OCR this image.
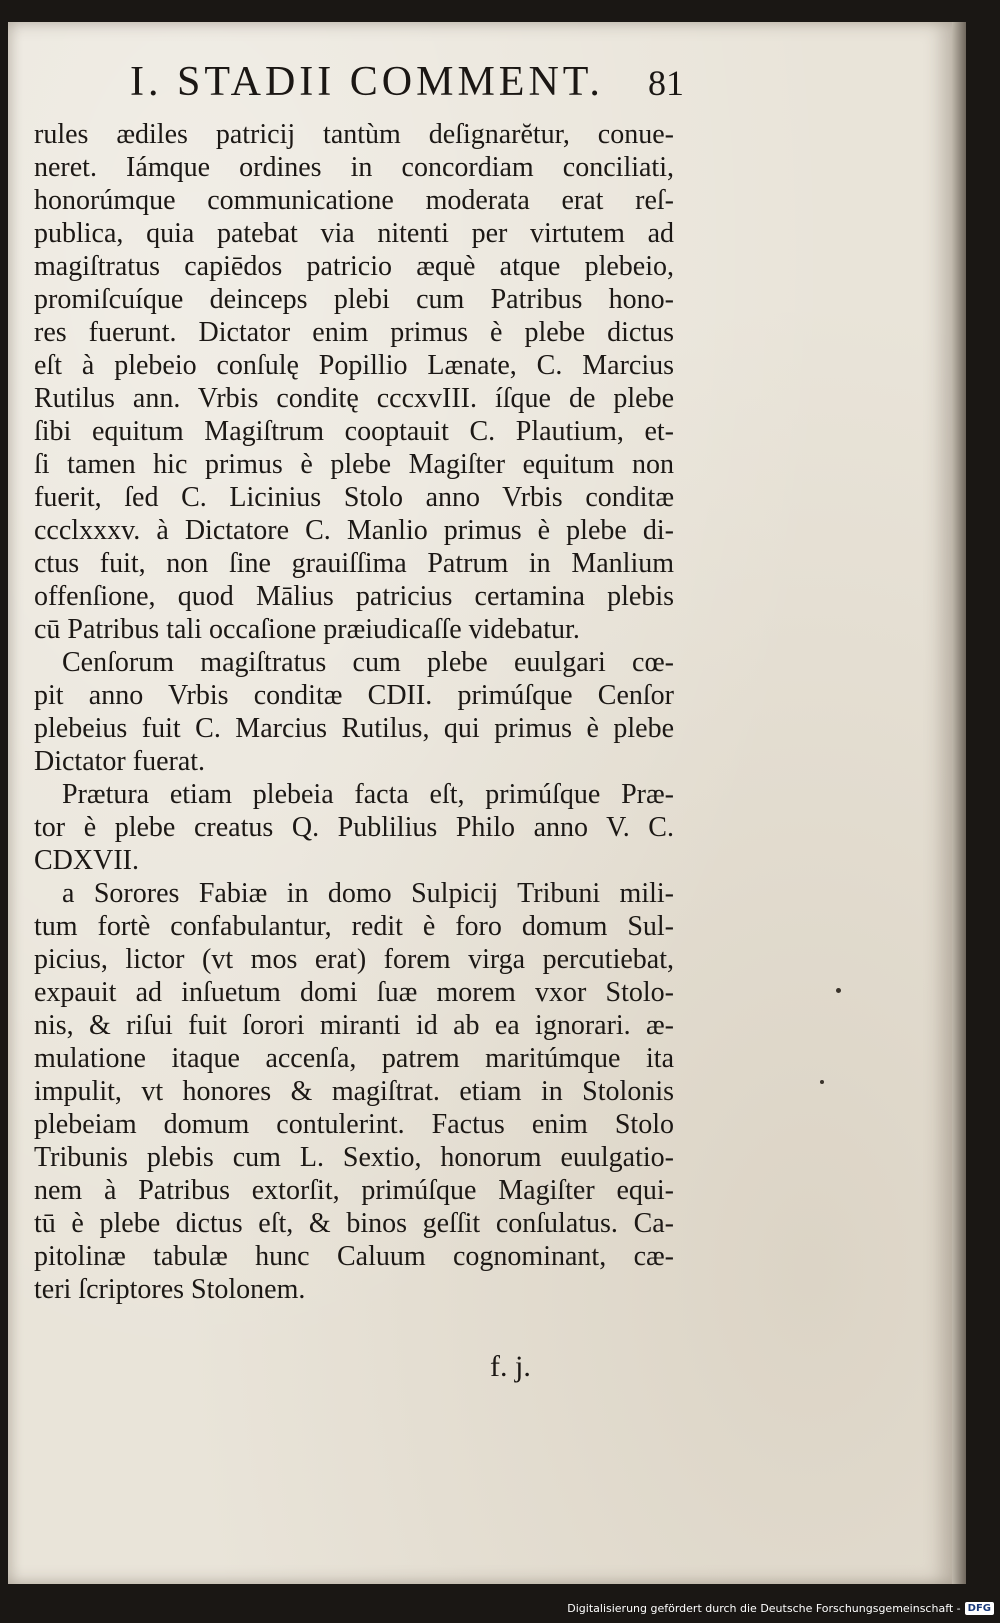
I. STADII COMMENT. 81
rules ædiles patricij tantùm deſignarĕtur, conue-
neret. Iámque ordines in concordiam conciliati,
honorúmque communicatione moderata erat reſ-
publica, quia patebat via nitenti per virtutem ad
magiſtratus capiēdos patricio æquè atque plebeio,
promiſcuíque deinceps plebi cum Patribus hono-
res fuerunt. Dictator enim primus è plebe dictus
eſt à plebeio conſulę Popillio Lænate, C. Marcius
Rutilus ann. Vrbis conditę cccxvIII. íſque de plebe
ſibi equitum Magiſtrum cooptauit C. Plautium, et-
ſi tamen hic primus è plebe Magiſter equitum non
fuerit, ſed C. Licinius Stolo anno Vrbis conditæ
ccclxxxv. à Dictatore C. Manlio primus è plebe di-
ctus fuit, non ſine grauiſſima Patrum in Manlium
offenſione, quod Mālius patricius certamina plebis
cū Patribus tali occaſione præiudicaſſe videbatur.
Cenſorum magiſtratus cum plebe euulgari cœ-
pit anno Vrbis conditæ CDII. primúſque Cenſor
plebeius fuit C. Marcius Rutilus, qui primus è plebe
Dictator fuerat.
Prætura etiam plebeia facta eſt, primúſque Præ-
tor è plebe creatus Q. Publilius Philo anno V. C.
CDXVII.
a Sorores Fabiæ in domo Sulpicij Tribuni mili-
tum fortè confabulantur, redit è foro domum Sul-
picius, lictor (vt mos erat) forem virga percutiebat,
expauit ad inſuetum domi ſuæ morem vxor Stolo-
nis, & riſui fuit ſorori miranti id ab ea ignorari. æ-
mulatione itaque accenſa, patrem maritúmque ita
impulit, vt honores & magiſtrat. etiam in Stolonis
plebeiam domum contulerint. Factus enim Stolo
Tribunis plebis cum L. Sextio, honorum euulgatio-
nem à Patribus extorſit, primúſque Magiſter equi-
tū è plebe dictus eſt, & binos geſſit conſulatus. Ca-
pitolinæ tabulæ hunc Caluum cognominant, cæ-
teri ſcriptores Stolonem.
f. j.
Digitalisierung gefördert durch die Deutsche Forschungsgemeinschaft - DFG
